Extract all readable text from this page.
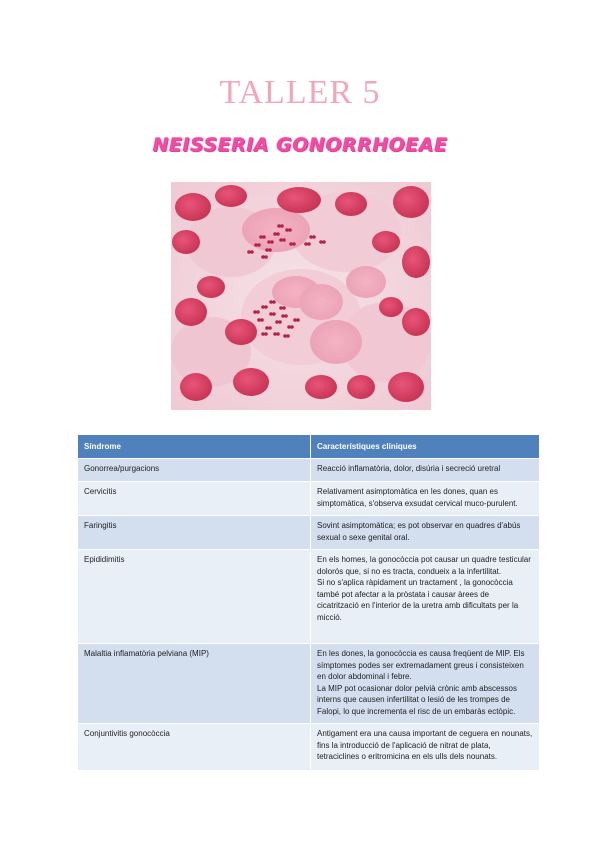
TALLER 5
NEISSERIA GONORRHOEAE
Síndrome	Característiques clíniques
Gonorrea/purgacions	Reacció inflamatòria, dolor, disúria i secreció uretral

Cervicitis	Relativament asimptomàtica en les dones, quan es simptomàtica, s'observa exsudat cervical muco-purulent.

Faringitis	Sovint asimptomàtica; es pot observar en quadres d'abús sexual o sexe genital oral.

Epididimitis	En els homes, la gonocòccia pot causar un quadre testicular dolorós que, si no es tracta, condueix a la infertilitat.
Si no s'aplica ràpidament un tractament , la gonocòccia també pot afectar a la pròstata i causar àrees de cicatrització en l'interior de la uretra amb dificultats per la micció.

Malaltia inflamatòria pelviana (MIP)	En les dones, la gonocòccia es causa freqüent de MIP. Els símptomes podes ser extremadament greus i consisteixen en dolor abdominal i febre.
La MIP pot ocasionar dolor pelvià crònic amb abscessos interns que causen infertilitat o lesió de les trompes de Falopi, lo que incrementa el risc de un embaràs ectòpic.

Conjuntivitis gonocòccia	Antigament era una causa important de ceguera en nounats, fins la introducció de l'aplicació de nitrat de plata, tetraciclines o eritromicina en els ulls dels nounats.
